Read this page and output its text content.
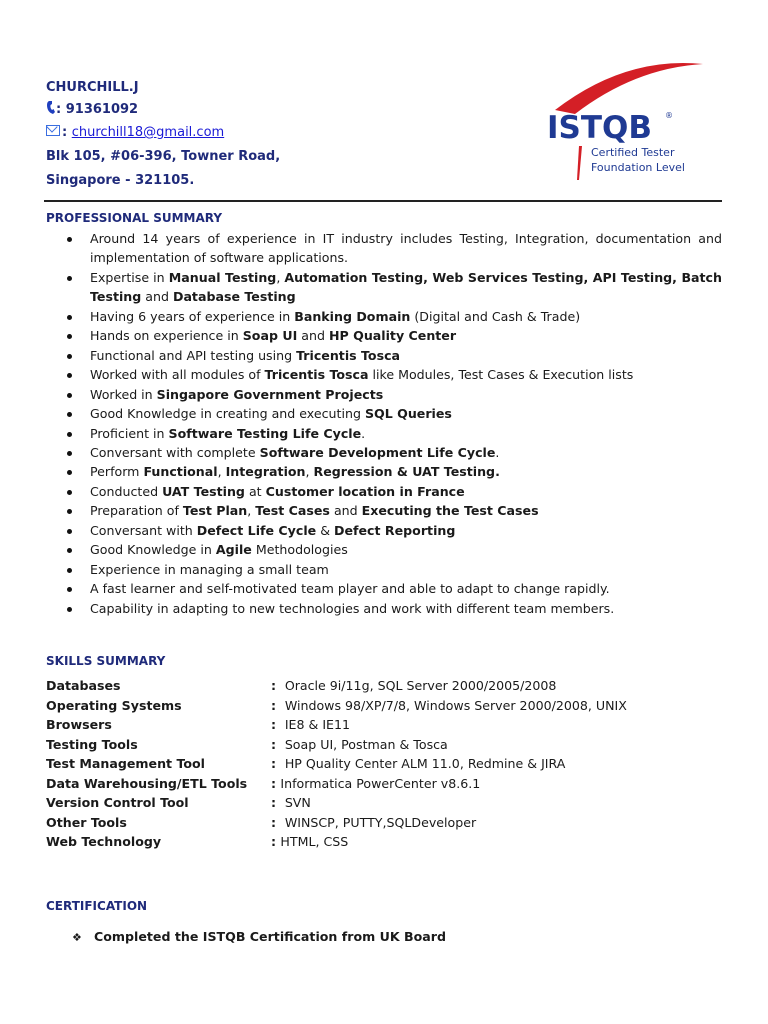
CHURCHILL.J
: 91361092
: churchill18@gmail.com
Blk 105, #06-396, Towner Road,
Singapore - 321105.
ISTQB ®
Certified Tester
Foundation Level
PROFESSIONAL SUMMARY
Around 14 years of experience in IT industry includes Testing, Integration, documentation and implementation of software applications.
Expertise in Manual Testing, Automation Testing, Web Services Testing, API Testing, Batch Testing and Database Testing
Having 6 years of experience in Banking Domain (Digital and Cash & Trade)
Hands on experience in Soap UI and HP Quality Center
Functional and API testing using Tricentis Tosca
Worked with all modules of Tricentis Tosca like Modules, Test Cases & Execution lists
Worked in Singapore Government Projects
Good Knowledge in creating and executing SQL Queries
Proficient in Software Testing Life Cycle.
Conversant with complete Software Development Life Cycle.
Perform Functional, Integration, Regression & UAT Testing.
Conducted UAT Testing at Customer location in France
Preparation of Test Plan, Test Cases and Executing the Test Cases
Conversant with Defect Life Cycle & Defect Reporting
Good Knowledge in Agile Methodologies
Experience in managing a small team
A fast learner and self-motivated team player and able to adapt to change rapidly.
Capability in adapting to new technologies and work with different team members.
SKILLS SUMMARY
Databases	:  Oracle 9i/11g, SQL Server 2000/2005/2008
Operating Systems	:  Windows 98/XP/7/8, Windows Server 2000/2008, UNIX
Browsers	:  IE8 & IE11
Testing Tools	:  Soap UI, Postman & Tosca
Test Management Tool	:  HP Quality Center ALM 11.0, Redmine & JIRA
Data Warehousing/ETL Tools	: Informatica PowerCenter v8.6.1
Version Control Tool	:  SVN
Other Tools	:  WINSCP, PUTTY,SQLDeveloper
Web Technology	: HTML, CSS
CERTIFICATION
❖ Completed the ISTQB Certification from UK Board
